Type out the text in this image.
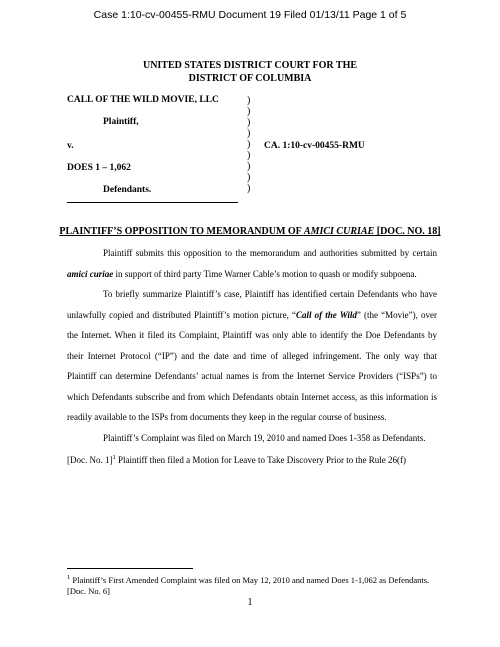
Case 1:10-cv-00455-RMU Document 19 Filed 01/13/11 Page 1 of 5
UNITED STATES DISTRICT COURT FOR THE
DISTRICT OF COLUMBIA
CALL OF THE WILD MOVIE, LLC
Plaintiff,
v.	CA. 1:10-cv-00455-RMU
DOES 1 – 1,062
Defendants.
)
)
)
)
)
)
)
)
)
PLAINTIFF’S OPPOSITION TO MEMORANDUM OF AMICI CURIAE [DOC. NO. 18]

Plaintiff submits this opposition to the memorandum and authorities submitted by certain amici curiae in support of third party Time Warner Cable’s motion to quash or modify subpoena.

To briefly summarize Plaintiff’s case, Plaintiff has identified certain Defendants who have unlawfully copied and distributed Plaintiff’s motion picture, “Call of the Wild” (the “Movie”), over the Internet. When it filed its Complaint, Plaintiff was only able to identify the Doe Defendants by their Internet Protocol (“IP”) and the date and time of alleged infringement. The only way that Plaintiff can determine Defendants’ actual names is from the Internet Service Providers (“ISPs”) to which Defendants subscribe and from which Defendants obtain Internet access, as this information is readily available to the ISPs from documents they keep in the regular course of business.

Plaintiff’s Complaint was filed on March 19, 2010 and named Does 1-358 as Defendants.

[Doc. No. 1]$^1$ Plaintiff then filed a Motion for Leave to Take Discovery Prior to the Rule 26(f)

$^1$ Plaintiff’s First Amended Complaint was filed on May 12, 2010 and named Does 1-1,062 as Defendants. [Doc. No. 6]
1
